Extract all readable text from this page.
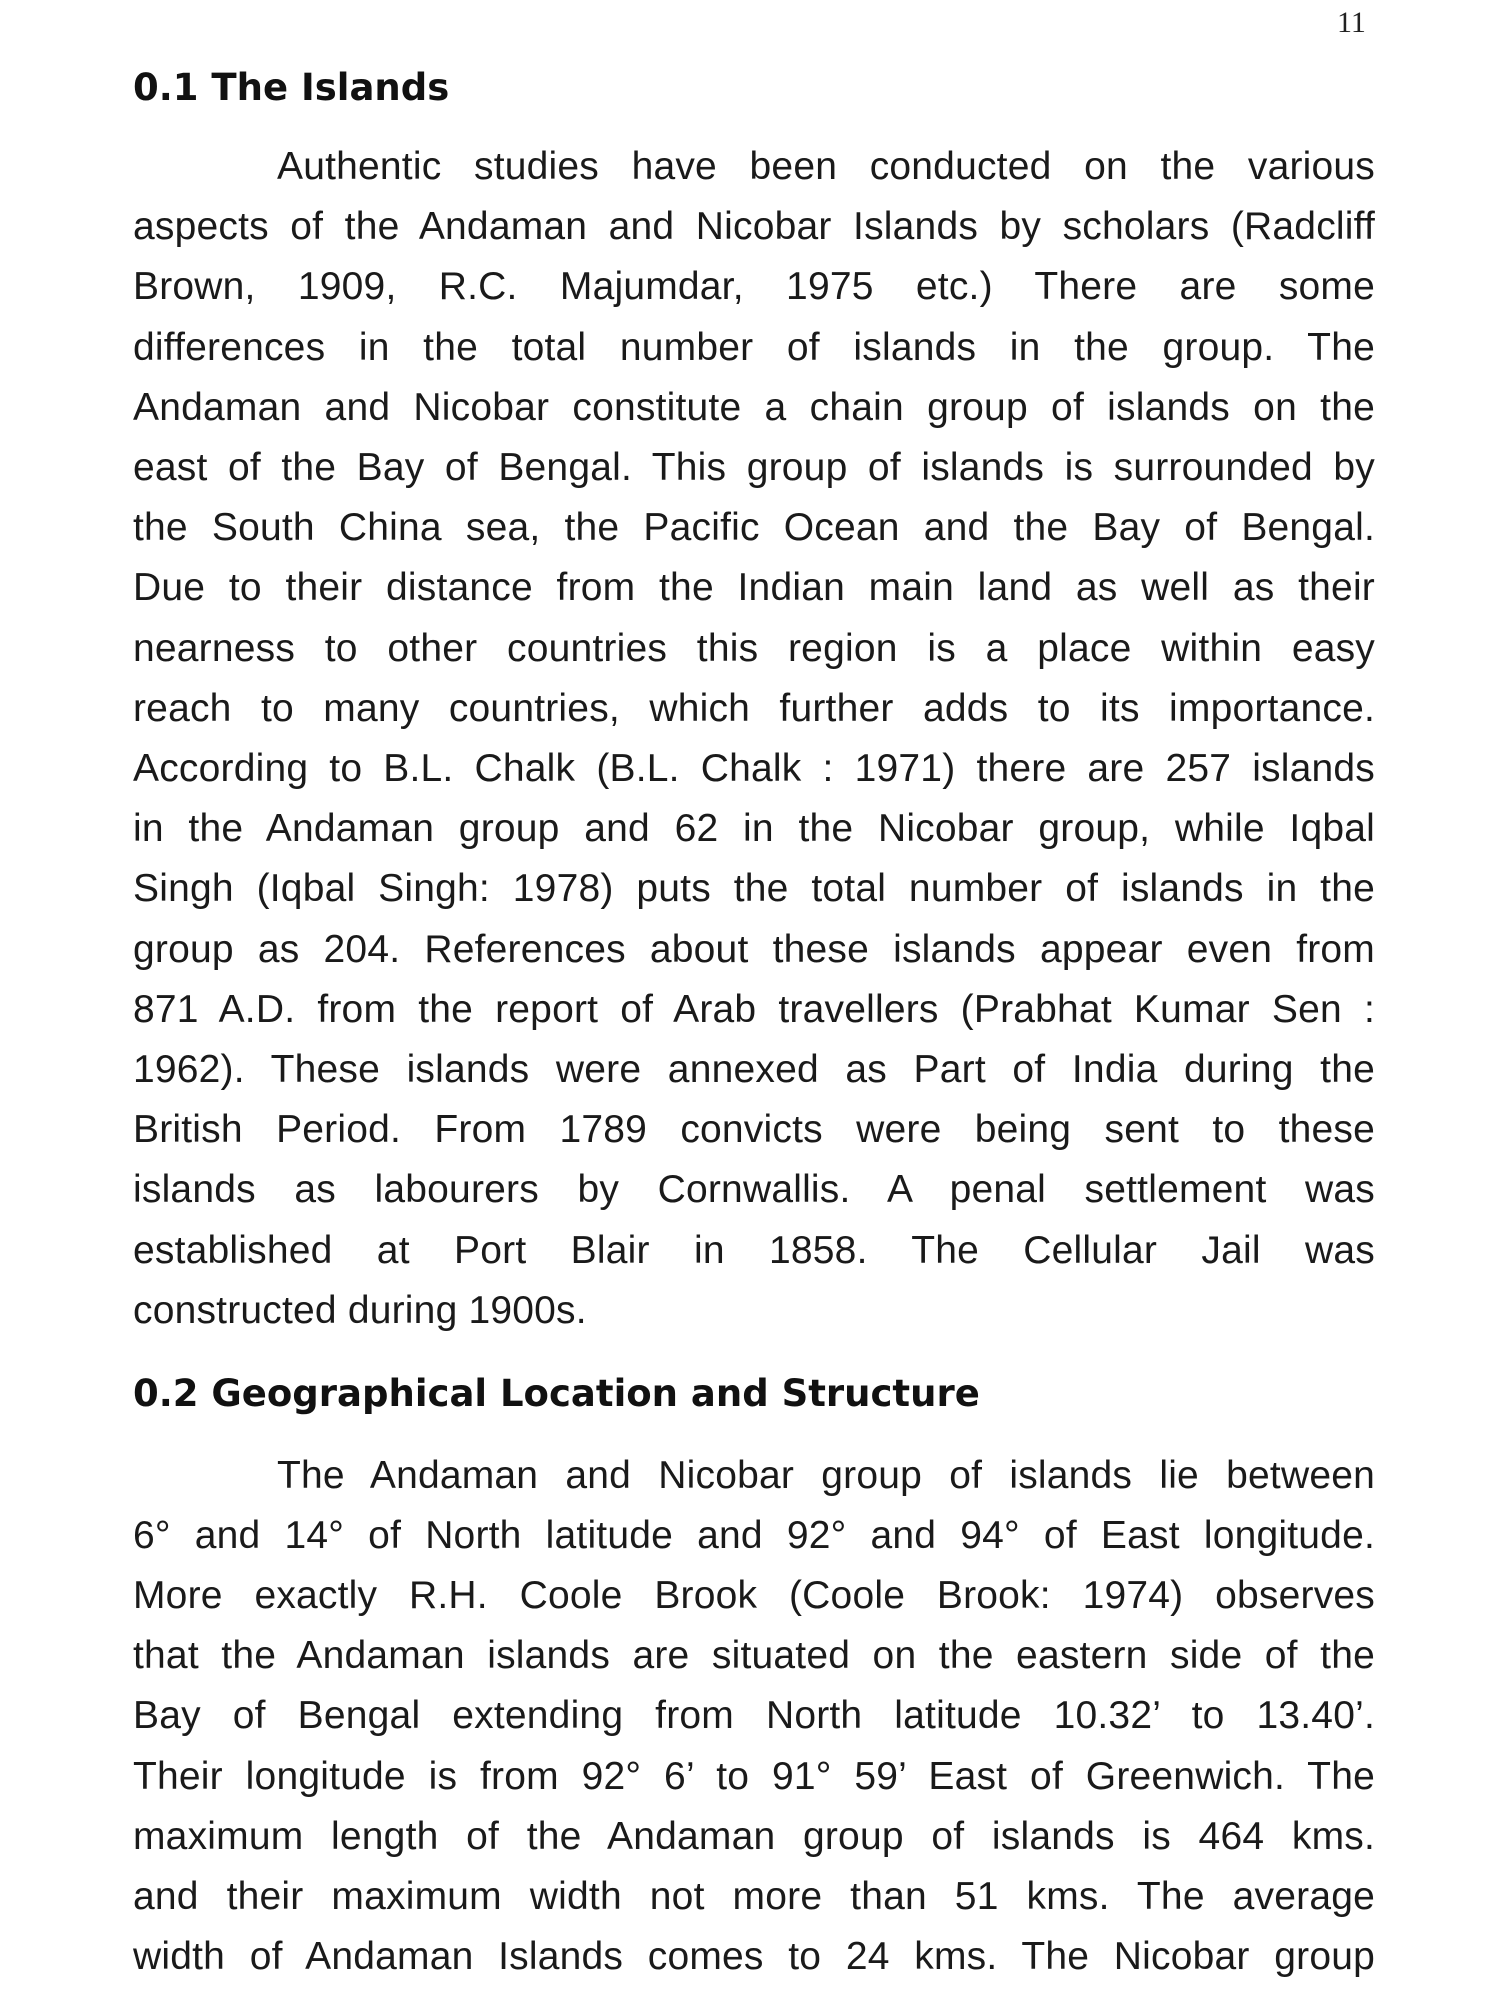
11
0.1 The Islands
Authentic studies have been conducted on the various
aspects of the Andaman and Nicobar Islands by scholars (Radcliff
Brown, 1909, R.C. Majumdar, 1975 etc.) There are some
differences in the total number of islands in the group. The
Andaman and Nicobar constitute a chain group of islands on the
east of the Bay of Bengal. This group of islands is surrounded by
the South China sea, the Pacific Ocean and the Bay of Bengal.
Due to their distance from the Indian main land as well as their
nearness to other countries this region is a place within easy
reach to many countries, which further adds to its importance.
According to B.L. Chalk (B.L. Chalk : 1971) there are 257 islands
in the Andaman group and 62 in the Nicobar group, while Iqbal
Singh (Iqbal Singh: 1978) puts the total number of islands in the
group as 204. References about these islands appear even from
871 A.D. from the report of Arab travellers (Prabhat Kumar Sen :
1962). These islands were annexed as Part of India during the
British Period. From 1789 convicts were being sent to these
islands as labourers by Cornwallis. A penal settlement was
established at Port Blair in 1858. The Cellular Jail was
constructed during 1900s.
0.2 Geographical Location and Structure
The Andaman and Nicobar group of islands lie between
6° and 14° of North latitude and 92° and 94° of East longitude.
More exactly R.H. Coole Brook (Coole Brook: 1974) observes
that the Andaman islands are situated on the eastern side of the
Bay of Bengal extending from North latitude 10.32’ to 13.40’.
Their longitude is from 92° 6’ to 91° 59’ East of Greenwich. The
maximum length of the Andaman group of islands is 464 kms.
and their maximum width not more than 51 kms. The average
width of Andaman Islands comes to 24 kms. The Nicobar group
